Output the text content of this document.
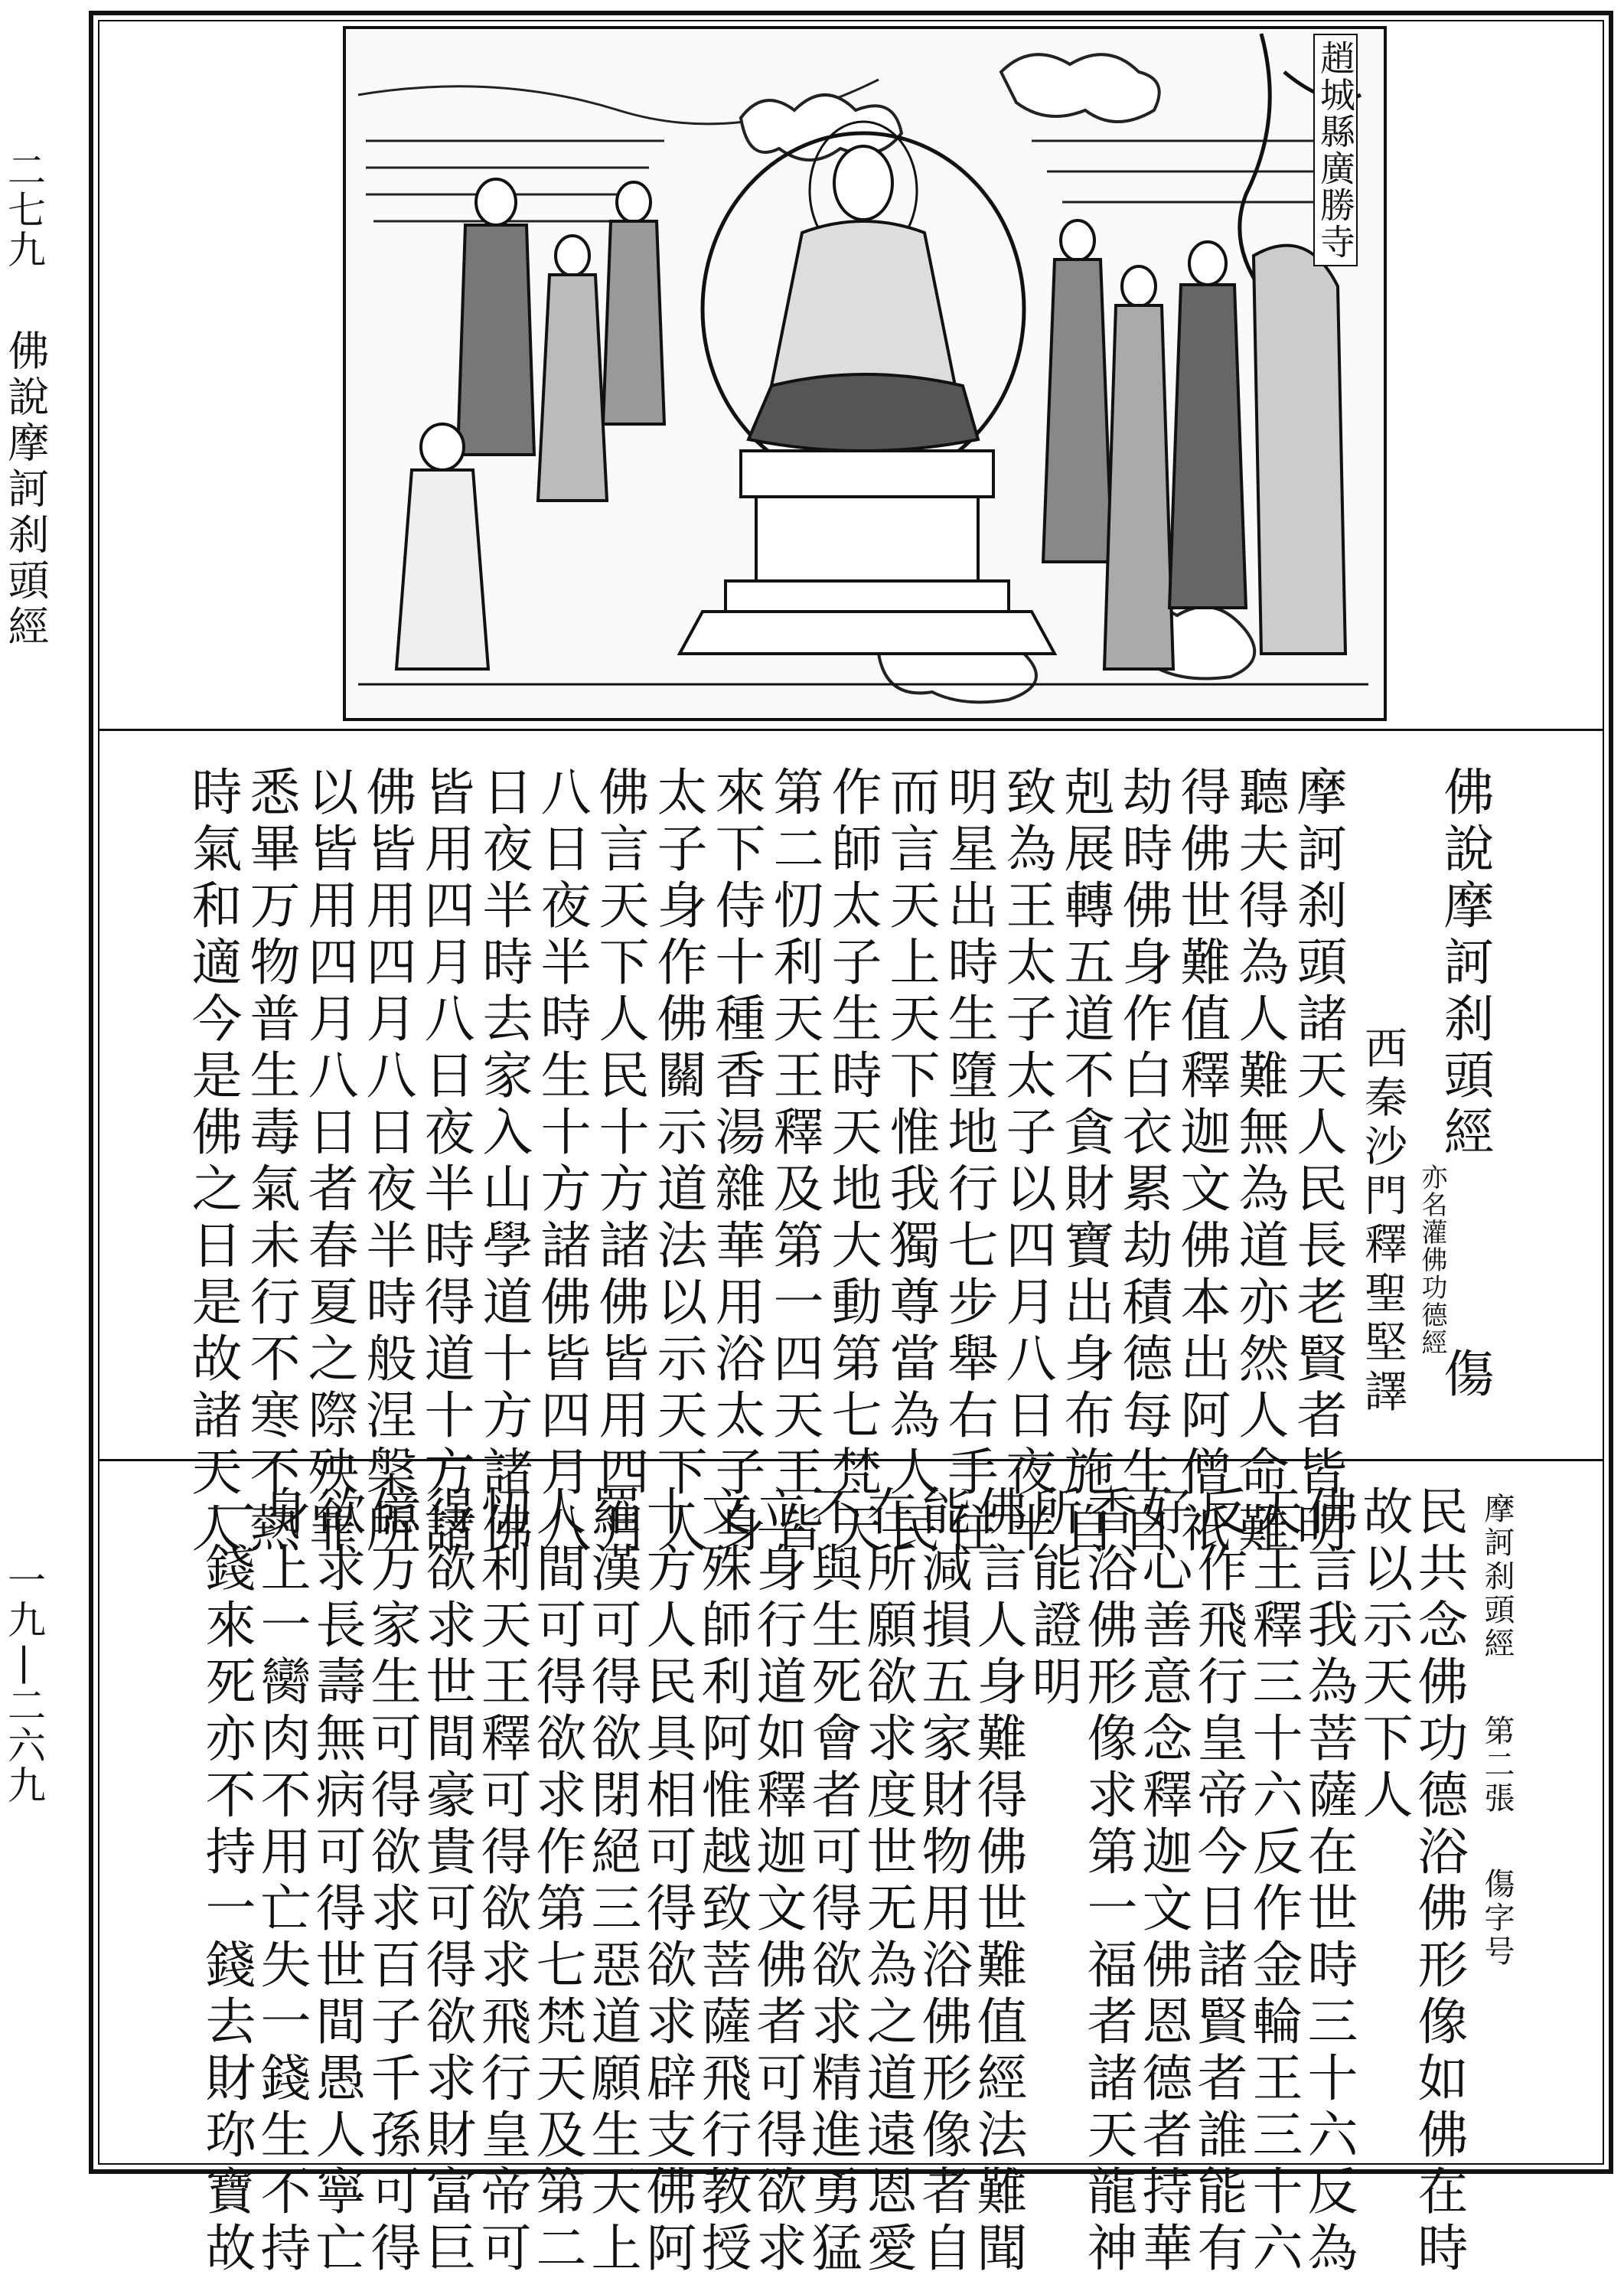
二七九
佛說摩訶刹頭經
一九|二六九
趙城縣廣勝寺
佛說摩訶刹頭經
亦名灌佛功德經
西秦沙門釋聖堅譯 傷
摩訶刹頭諸天人民長老賢者皆明
聽夫得為人難無為道亦然人命難
得佛世難值釋迦文佛本出阿僧祇
劫時佛身作白衣累劫積德每生自
剋展轉五道不貪財寶出身布施自
致為王太子太子以四月八日夜半
明星出時生墮地行七步舉右手住
而言天上天下惟我獨尊當為人民
作師太子生時天地大動第七梵天
第二忉利天王釋及第一四天王皆
來下侍十種香湯雜華用浴太子身
太子身作佛關示道法以示天下人
佛言天下人民十方諸佛皆用四月
八日夜半時生十方諸佛皆四月八
日夜半時去家入山學道十方諸佛
皆用四月八日夜半時得道十方諸
佛皆用四月八日夜半時般涅槃所
以皆用四月八日者春夏之際殃罪
悉畢万物普生毒氣未行不寒不熱
時氣和適今是佛之日是故諸天人
摩訶刹頭經
第二張
傷字号
民共念佛功德浴佛形像如佛在時
故以示天下人
佛言我為菩薩在世時三十六反為
天王釋三十六反作金輪王三十六
反作飛行皇帝今日諸賢者誰能有
好心善意念釋迦文佛恩德者持華
香浴佛形像求第一福者諸天龍神
所能證明
佛言人身難得佛世難值經法難聞
能減損五家財物用浴佛形像者自
在所願欲求度世无為之道遠恩愛
不與生死會者可得欲求精進勇猛
立身行道如釋迦文佛者可得欲求
文殊師利阿惟越致菩薩飛行教授
十方人民具相可得欲求辟支佛阿
羅漢可得欲閉絕三惡道願生天上
人間可得欲求作第七梵天及第二
忉利天王釋可得欲求飛行皇帝可
得欲求世間豪貴可得欲求財富巨
億万家生可得欲求百子千孫可得
欲求長壽無病可得世間愚人寧亡
身上一臠肉不用亡失一錢生不持
一錢來死亦不持一錢去財珎寶故
